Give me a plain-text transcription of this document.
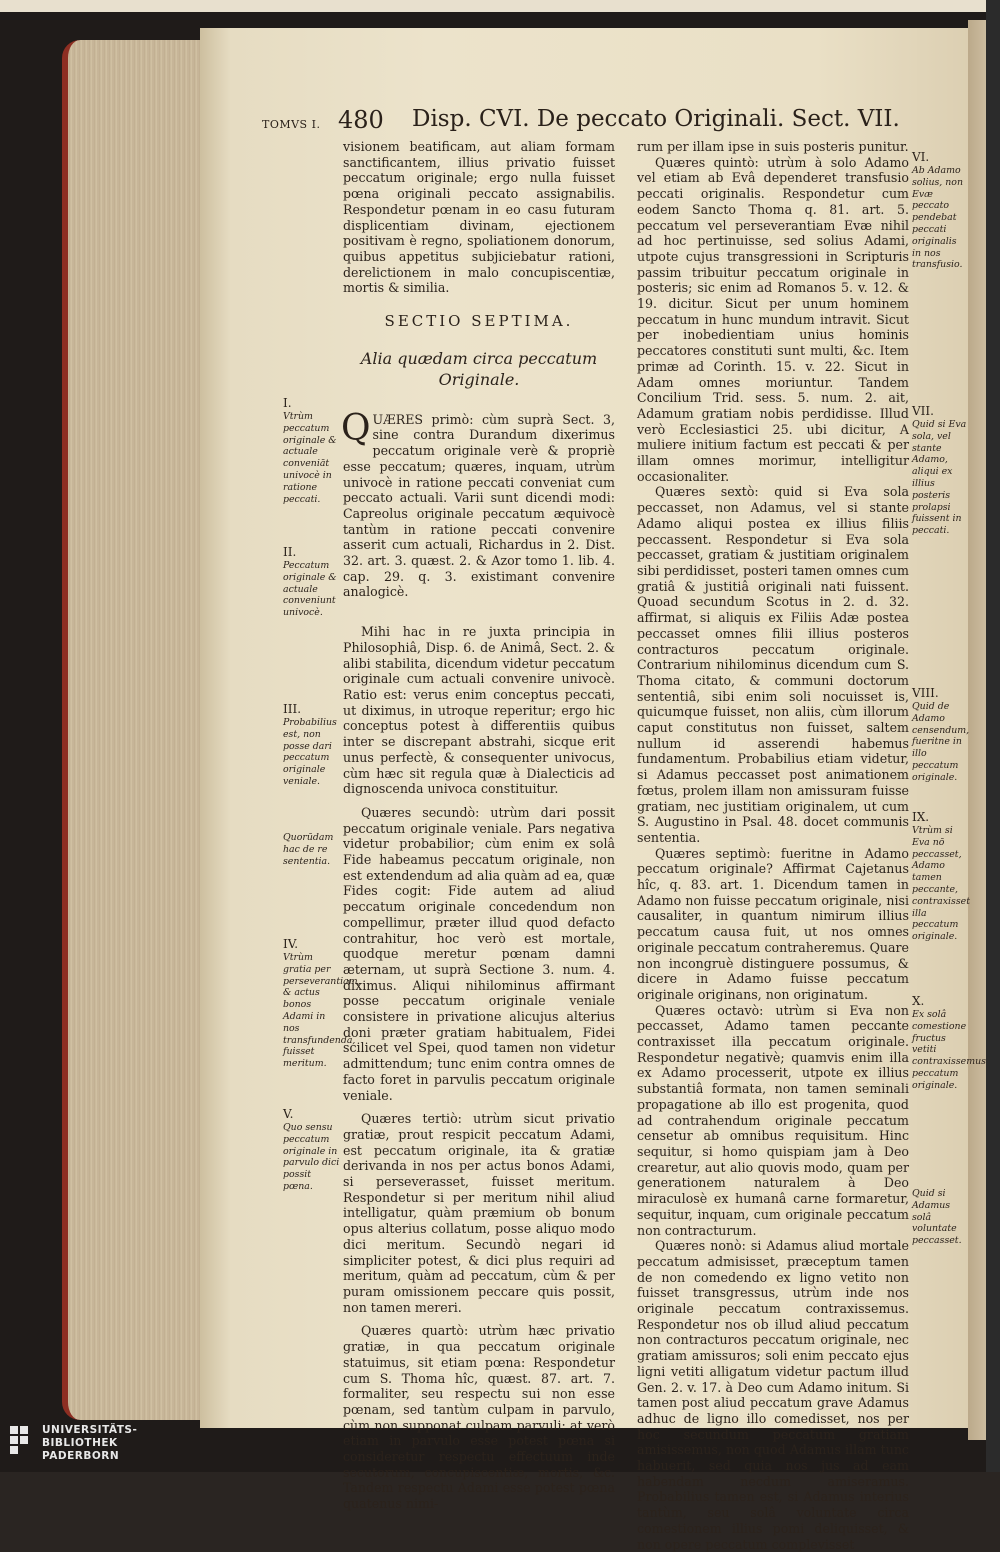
TOMVS I. 480 Disp. CVI. De peccato Originali. Sect. VII.

visionem beatificam, aut aliam formam sanctificantem, illius privatio fuisset peccatum originale; ergo nulla fuisset pœna originali peccato assignabilis. Respondetur pœnam in eo casu futuram displicentiam divinam, ejectionem positivam è regno, spoliationem donorum, quibus appetitus subjiciebatur rationi, derelictionem in malo concupiscentiæ, mortis & similia.

SECTIO SEPTIMA.
Alia quædam circa peccatum Originale.

QUÆRES primò: cùm suprà Sect. 3, sine contra Durandum dixerimus peccatum originale verè & propriè esse peccatum; quæres, inquam, utrùm univocè in ratione peccati conveniat cum peccato actuali. Varii sunt dicendi modi: Capreolus originale peccatum æquivocè tantùm in ratione peccati convenire asserit cum actuali, Richardus in 2. Dist. 32. art. 3. quæst. 2. & Azor tomo 1. lib. 4. cap. 29. q. 3. existimant convenire analogicè.

Mihi hac in re juxta principia in Philosophiâ, Disp. 6. de Animâ, Sect. 2. & alibi stabilita, dicendum videtur peccatum originale cum actuali convenire univocè. Ratio est: verus enim conceptus peccati, ut diximus, in utroque reperitur; ergo hic conceptus potest à differentiis quibus inter se discrepant abstrahi, sicque erit unus perfectè, & consequenter univocus, cùm hæc sit regula quæ à Dialecticis ad dignoscenda univoca constituitur.

Quæres secundò: utrùm dari possit peccatum originale veniale. Pars negativa videtur probabilior; cùm enim ex solâ Fide habeamus peccatum originale, non est extendendum ad alia quàm ad ea, quæ Fides cogit: Fide autem ad aliud peccatum originale concedendum non compellimur, præter illud quod defacto contrahitur, hoc verò est mortale, quodque meretur pœnam damni æternam, ut suprà Sectione 3. num. 4. diximus. Aliqui nihilominus affirmant posse peccatum originale veniale consistere in privatione alicujus alterius doni præter gratiam habitualem, Fidei scilicet vel Spei, quod tamen non videtur admittendum; tunc enim contra omnes de facto foret in parvulis peccatum originale veniale.

Quæres tertiò: utrùm sicut privatio gratiæ, prout respicit peccatum Adami, est peccatum originale, ita & gratiæ derivanda in nos per actus bonos Adami, si perseverasset, fuisset meritum. Respondetur si per meritum nihil aliud intelligatur, quàm præmium ob bonum opus alterius collatum, posse aliquo modo dici meritum. Secundò negari id simpliciter potest, & dici plus requiri ad meritum, quàm ad peccatum, cùm & per puram omissionem peccare quis possit, non tamen mereri.

Quæres quartò: utrùm hæc privatio gratiæ, in qua peccatum originale statuimus, sit etiam pœna: Respondetur cum S. Thoma hîc, quæst. 87. art. 7. formaliter, seu respectu sui non esse pœnam, sed tantùm culpam in parvulo, cùm non supponat culpam parvuli: at verò etiam in parvulo esse potest pœna si consideretur respectu effectuum inde secutorum, concupiscentiæ, mortis, &c. Tandem respectu Adami esse potest pœna quatenus nimi-

rum per illam ipse in suis posteris punitur.

Quæres quintò: utrùm à solo Adamo vel etiam ab Evâ dependeret transfusio peccati originalis. Respondetur cum eodem Sancto Thoma q. 81. art. 5. peccatum vel perseverantiam Evæ nihil ad hoc pertinuisse, sed solius Adami, utpote cujus transgressioni in Scripturis passim tribuitur peccatum originale in posteris; sic enim ad Romanos 5. v. 12. & 19. dicitur. Sicut per unum hominem peccatum in hunc mundum intravit. Sicut per inobedientiam unius hominis peccatores constituti sunt multi, &c. Item primæ ad Corinth. 15. v. 22. Sicut in Adam omnes moriuntur. Tandem Concilium Trid. sess. 5. num. 2. ait, Adamum gratiam nobis perdidisse. Illud verò Ecclesiastici 25. ubi dicitur, A muliere initium factum est peccati & per illam omnes morimur, intelligitur occasionaliter.

Quæres sextò: quid si Eva sola peccasset, non Adamus, vel si stante Adamo aliqui postea ex illius filiis peccassent. Respondetur si Eva sola peccasset, gratiam & justitiam originalem sibi perdidisset, posteri tamen omnes cum gratiâ & justitiâ originali nati fuissent. Quoad secundum Scotus in 2. d. 32. affirmat, si aliquis ex Filiis Adæ postea peccasset omnes filii illius posteros contracturos peccatum originale. Contrarium nihilominus dicendum cum S. Thoma citato, & communi doctorum sententiâ, sibi enim soli nocuisset is, quicumque fuisset, non aliis, cùm illorum caput constitutus non fuisset, saltem nullum id asserendi habemus fundamentum. Probabilius etiam videtur, si Adamus peccasset post animationem fœtus, prolem illam non amissuram fuisse gratiam, nec justitiam originalem, ut cum S. Augustino in Psal. 48. docet communis sententia.

Quæres septimò: fueritne in Adamo peccatum originale? Affirmat Cajetanus hîc, q. 83. art. 1. Dicendum tamen in Adamo non fuisse peccatum originale, nisi causaliter, in quantum nimirum illius peccatum causa fuit, ut nos omnes originale peccatum contraheremus. Quare non incongruè distinguere possumus, & dicere in Adamo fuisse peccatum originale originans, non originatum.

Quæres octavò: utrùm si Eva non peccasset, Adamo tamen peccante contraxisset illa peccatum originale. Respondetur negativè; quamvis enim illa ex Adamo processerit, utpote ex illius substantiâ formata, non tamen seminali propagatione ab illo est progenita, quod ad contrahendum originale peccatum censetur ab omnibus requisitum. Hinc sequitur, si homo quispiam jam à Deo crearetur, aut alio quovis modo, quam per generationem naturalem à Deo miraculosè ex humanâ carne formaretur, sequitur, inquam, cum originale peccatum non contracturum.

Quæres nonò: si Adamus aliud mortale peccatum admisisset, præceptum tamen de non comedendo ex ligno vetito non fuisset transgressus, utrùm inde nos originale peccatum contraxissemus. Respondetur nos ob illud aliud peccatum non contracturos peccatum originale, nec gratiam amissuros; soli enim peccato ejus ligni vetiti alligatum videtur pactum illud Gen. 2. v. 17. à Deo cum Adamo initum. Si tamen post aliud peccatum grave Adamus adhuc de ligno illo comedisset, nos per hoc secundum peccatum gratiam amisissemus, non quod Adamus illam tunc habuerit, sed quia nos jus ad eam habendam necdum amiseramus. Probabilius tamen est, si Adamus interius tantùm, seu solâ voluntate circa comestionem illius pomi deliquisset, & non opere peccatum complevisset

I.
Vtrùm peccatum originale & actuale conveniāt univocè in ratione peccati.
II.
Peccatum originale & actuale conveniunt univocè.
III.
Probabilius est, non posse dari peccatum originale veniale.
Quorūdam hac de re sententia.
IV.
Vtrùm gratia per perseverantiam, & actus bonos Adami in nos transfundenda, fuisset meritum.
V.
Quo sensu peccatum originale in parvulo dici possit pœna.
VI.
Ab Adamo solius, non Evæ peccato pendebat peccati originalis in nos transfusio.
VII.
Quid si Eva sola, vel stante Adamo, aliqui ex illius posteris prolapsi fuissent in peccati.
VIII.
Quid de Adamo censendum, fueritne in illo peccatum originale.
IX.
Vtrùm si Eva nō peccasset, Adamo tamen peccante, contraxisset illa peccatum originale.
X.
Ex solâ comestione fructus vetiti contraxissemus peccatum originale.
Quid si Adamus solâ voluntate peccasset.
UNIVERSITÄTS-
BIBLIOTHEK
PADERBORN
